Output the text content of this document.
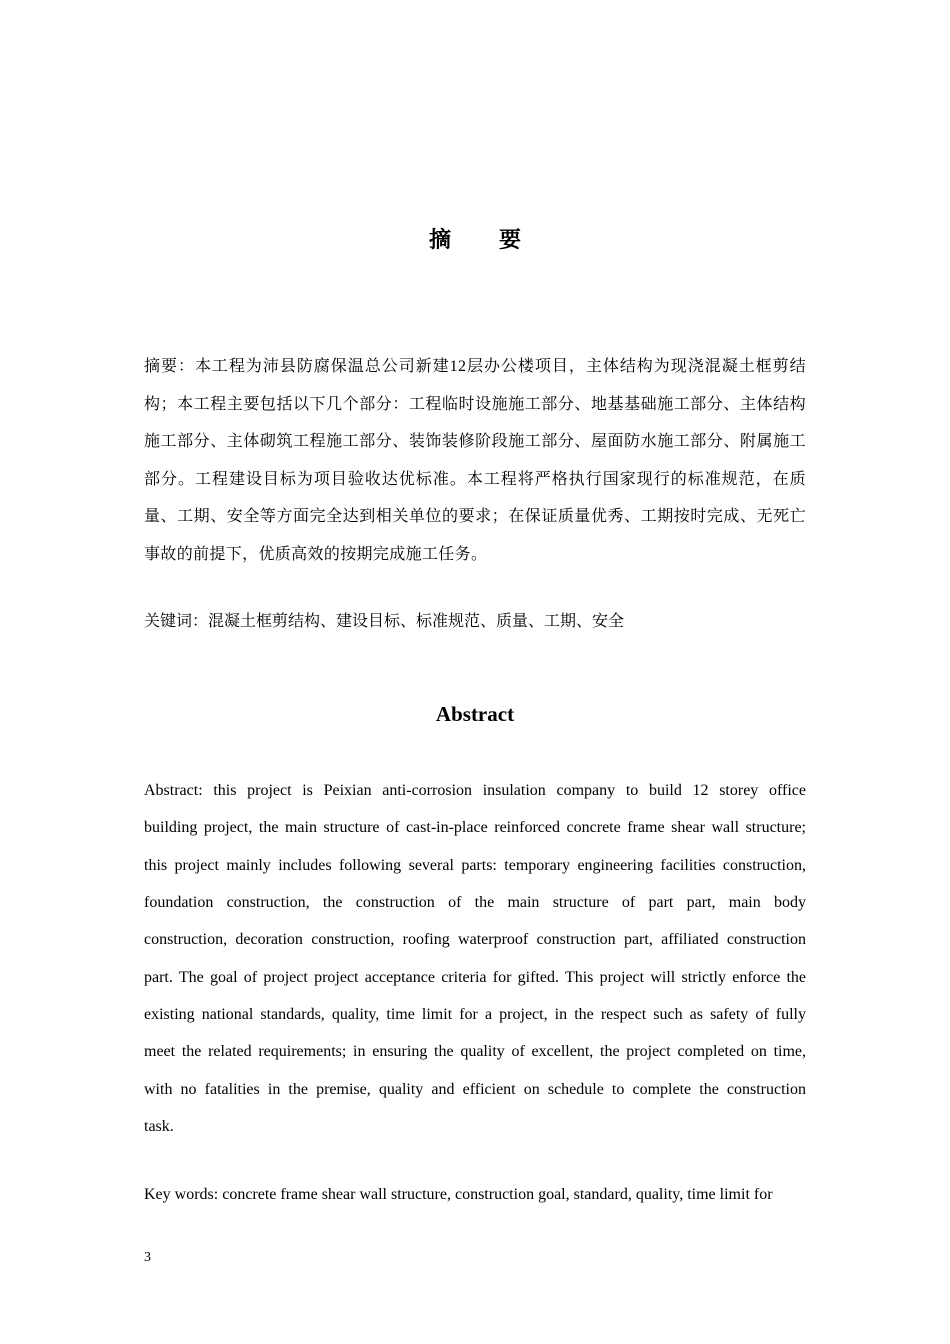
摘要
摘要：本工程为沛县防腐保温总公司新建12层办公楼项目，主体结构为现浇混凝土框剪结构；本工程主要包括以下几个部分：工程临时设施施工部分、地基基础施工部分、主体结构施工部分、主体砌筑工程施工部分、装饰装修阶段施工部分、屋面防水施工部分、附属施工部分。工程建设目标为项目验收达优标准。本工程将严格执行国家现行的标准规范，在质量、工期、安全等方面完全达到相关单位的要求；在保证质量优秀、工期按时完成、无死亡事故的前提下，优质高效的按期完成施工任务。
关键词：混凝土框剪结构、建设目标、标准规范、质量、工期、安全
Abstract
Abstract: this project is Peixian anti-corrosion insulation company to build 12 storey office
building project, the main structure of cast-in-place reinforced concrete frame shear wall structure;
this project mainly includes following several parts: temporary engineering facilities construction,
foundation construction, the construction of the main structure of part part, main body
construction, decoration construction, roofing waterproof construction part, affiliated construction
part. The goal of project project acceptance criteria for gifted. This project will strictly enforce the
existing national standards, quality, time limit for a project, in the respect such as safety of fully
meet the related requirements; in ensuring the quality of excellent, the project completed on time,
with no fatalities in the premise, quality and efficient on schedule to complete the construction
task.
Key words: concrete frame shear wall structure, construction goal, standard, quality, time limit for
3
